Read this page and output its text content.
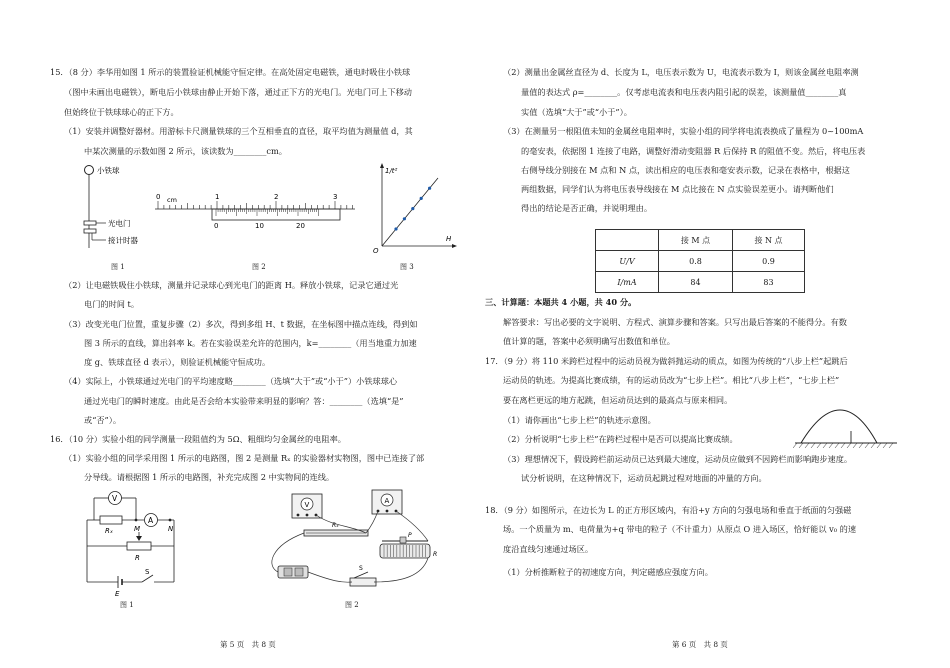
15．（8 分）李华用如图 1 所示的装置验证机械能守恒定律。在高处固定电磁铁，通电时吸住小铁球
（图中未画出电磁铁），断电后小铁球由静止开始下落，通过正下方的光电门。光电门可上下移动
但始终位于铁球球心的正下方。
（1）安装并调整好器材。用游标卡尺测量铁球的三个互相垂直的直径，取平均值为测量值 d，其
中某次测量的示数如图 2 所示，该读数为________cm。
小铁球
光电门
接计时器
图 1
cm
0	1	2	3
0	10	20
图 2
1/t²
H
O
图 3
（2）让电磁铁吸住小铁球，测量并记录球心到光电门的距离 H。释放小铁球，记录它通过光
电门的时间 t。
（3）改变光电门位置，重复步骤（2）多次，得到多组 H、t 数据，在坐标图中描点连线，得到如
图 3 所示的直线，算出斜率 k。若在实验误差允许的范围内，k=________（用当地重力加速
度 g、铁球直径 d 表示），则验证机械能守恒成功。
（4）实际上，小铁球通过光电门的平均速度略________（选填“大于”或“小于”）小铁球球心
通过光电门的瞬时速度。由此是否会给本实验带来明显的影响？答：________（选填“是”
或“否”）。
16．（10 分）实验小组的同学测量一段阻值约为 5Ω、粗细均匀金属丝的电阻率。
（1）实验小组的同学采用图 1 所示的电路图，图 2 是测量 Rₓ 的实验器材实物图，图中已连接了部
分导线。请根据图 1 所示的电路图，补充完成图 2 中实物间的连线。
V
A
Rₓ	M	N
R
E
S
图 1
V	A
Rₓ
P
R
S
图 2
第 5 页　共 8 页
（2）测量出金属丝直径为 d、长度为 L，电压表示数为 U，电流表示数为 I，则该金属丝电阻率测
量值的表达式 ρ=________。仅考虑电流表和电压表内阻引起的误差，该测量值________真
实值（选填“大于”或“小于”）。
（3）在测量另一根阻值未知的金属丝电阻率时，实验小组的同学将电流表换成了量程为 0~100mA
的毫安表，依据图 1 连接了电路，调整好滑动变阻器 R 后保持 R 的阻值不变。然后，将电压表
右侧导线分别接在 M 点和 N 点，读出相应的电压表和毫安表示数，记录在表格中，根据这
两组数据，同学们认为将电压表导线接在 M 点比接在 N 点实验误差更小。请判断他们
得出的结论是否正确，并说明理由。
	接 M 点	接 N 点
U/V	0.8	0.9
I/mA	84	83
三、计算题：本题共 4 小题，共 40 分。
解答要求：写出必要的文字说明、方程式、演算步骤和答案。只写出最后答案的不能得分。有数
值计算的题，答案中必须明确写出数值和单位。
17．（9 分）将 110 米跨栏过程中的运动员视为做斜抛运动的质点，如图为传统的“八步上栏”起跳后
运动员的轨迹。为提高比赛成绩，有的运动员改为“七步上栏”。相比“八步上栏”，“七步上栏”
要在离栏更远的地方起跳，但运动员达到的最高点与原来相同。
（1）请你画出“七步上栏”的轨迹示意图。
（2）分析说明“七步上栏”在跨栏过程中是否可以提高比赛成绩。
（3）理想情况下，假设跨栏前运动员已达到最大速度，运动员应做到不因跨栏而影响跑步速度。
试分析说明，在这种情况下，运动员起跳过程对地面的冲量的方向。
18．（9 分）如图所示，在边长为 L 的正方形区域内，有沿+y 方向的匀强电场和垂直于纸面的匀强磁
场。一个质量为 m、电荷量为+q 带电的粒子（不计重力）从原点 O 进入场区，恰好能以 v₀ 的速
度沿直线匀速通过场区。
（1）分析推断粒子的初速度方向，判定磁感应强度方向。
第 6 页　共 8 页
